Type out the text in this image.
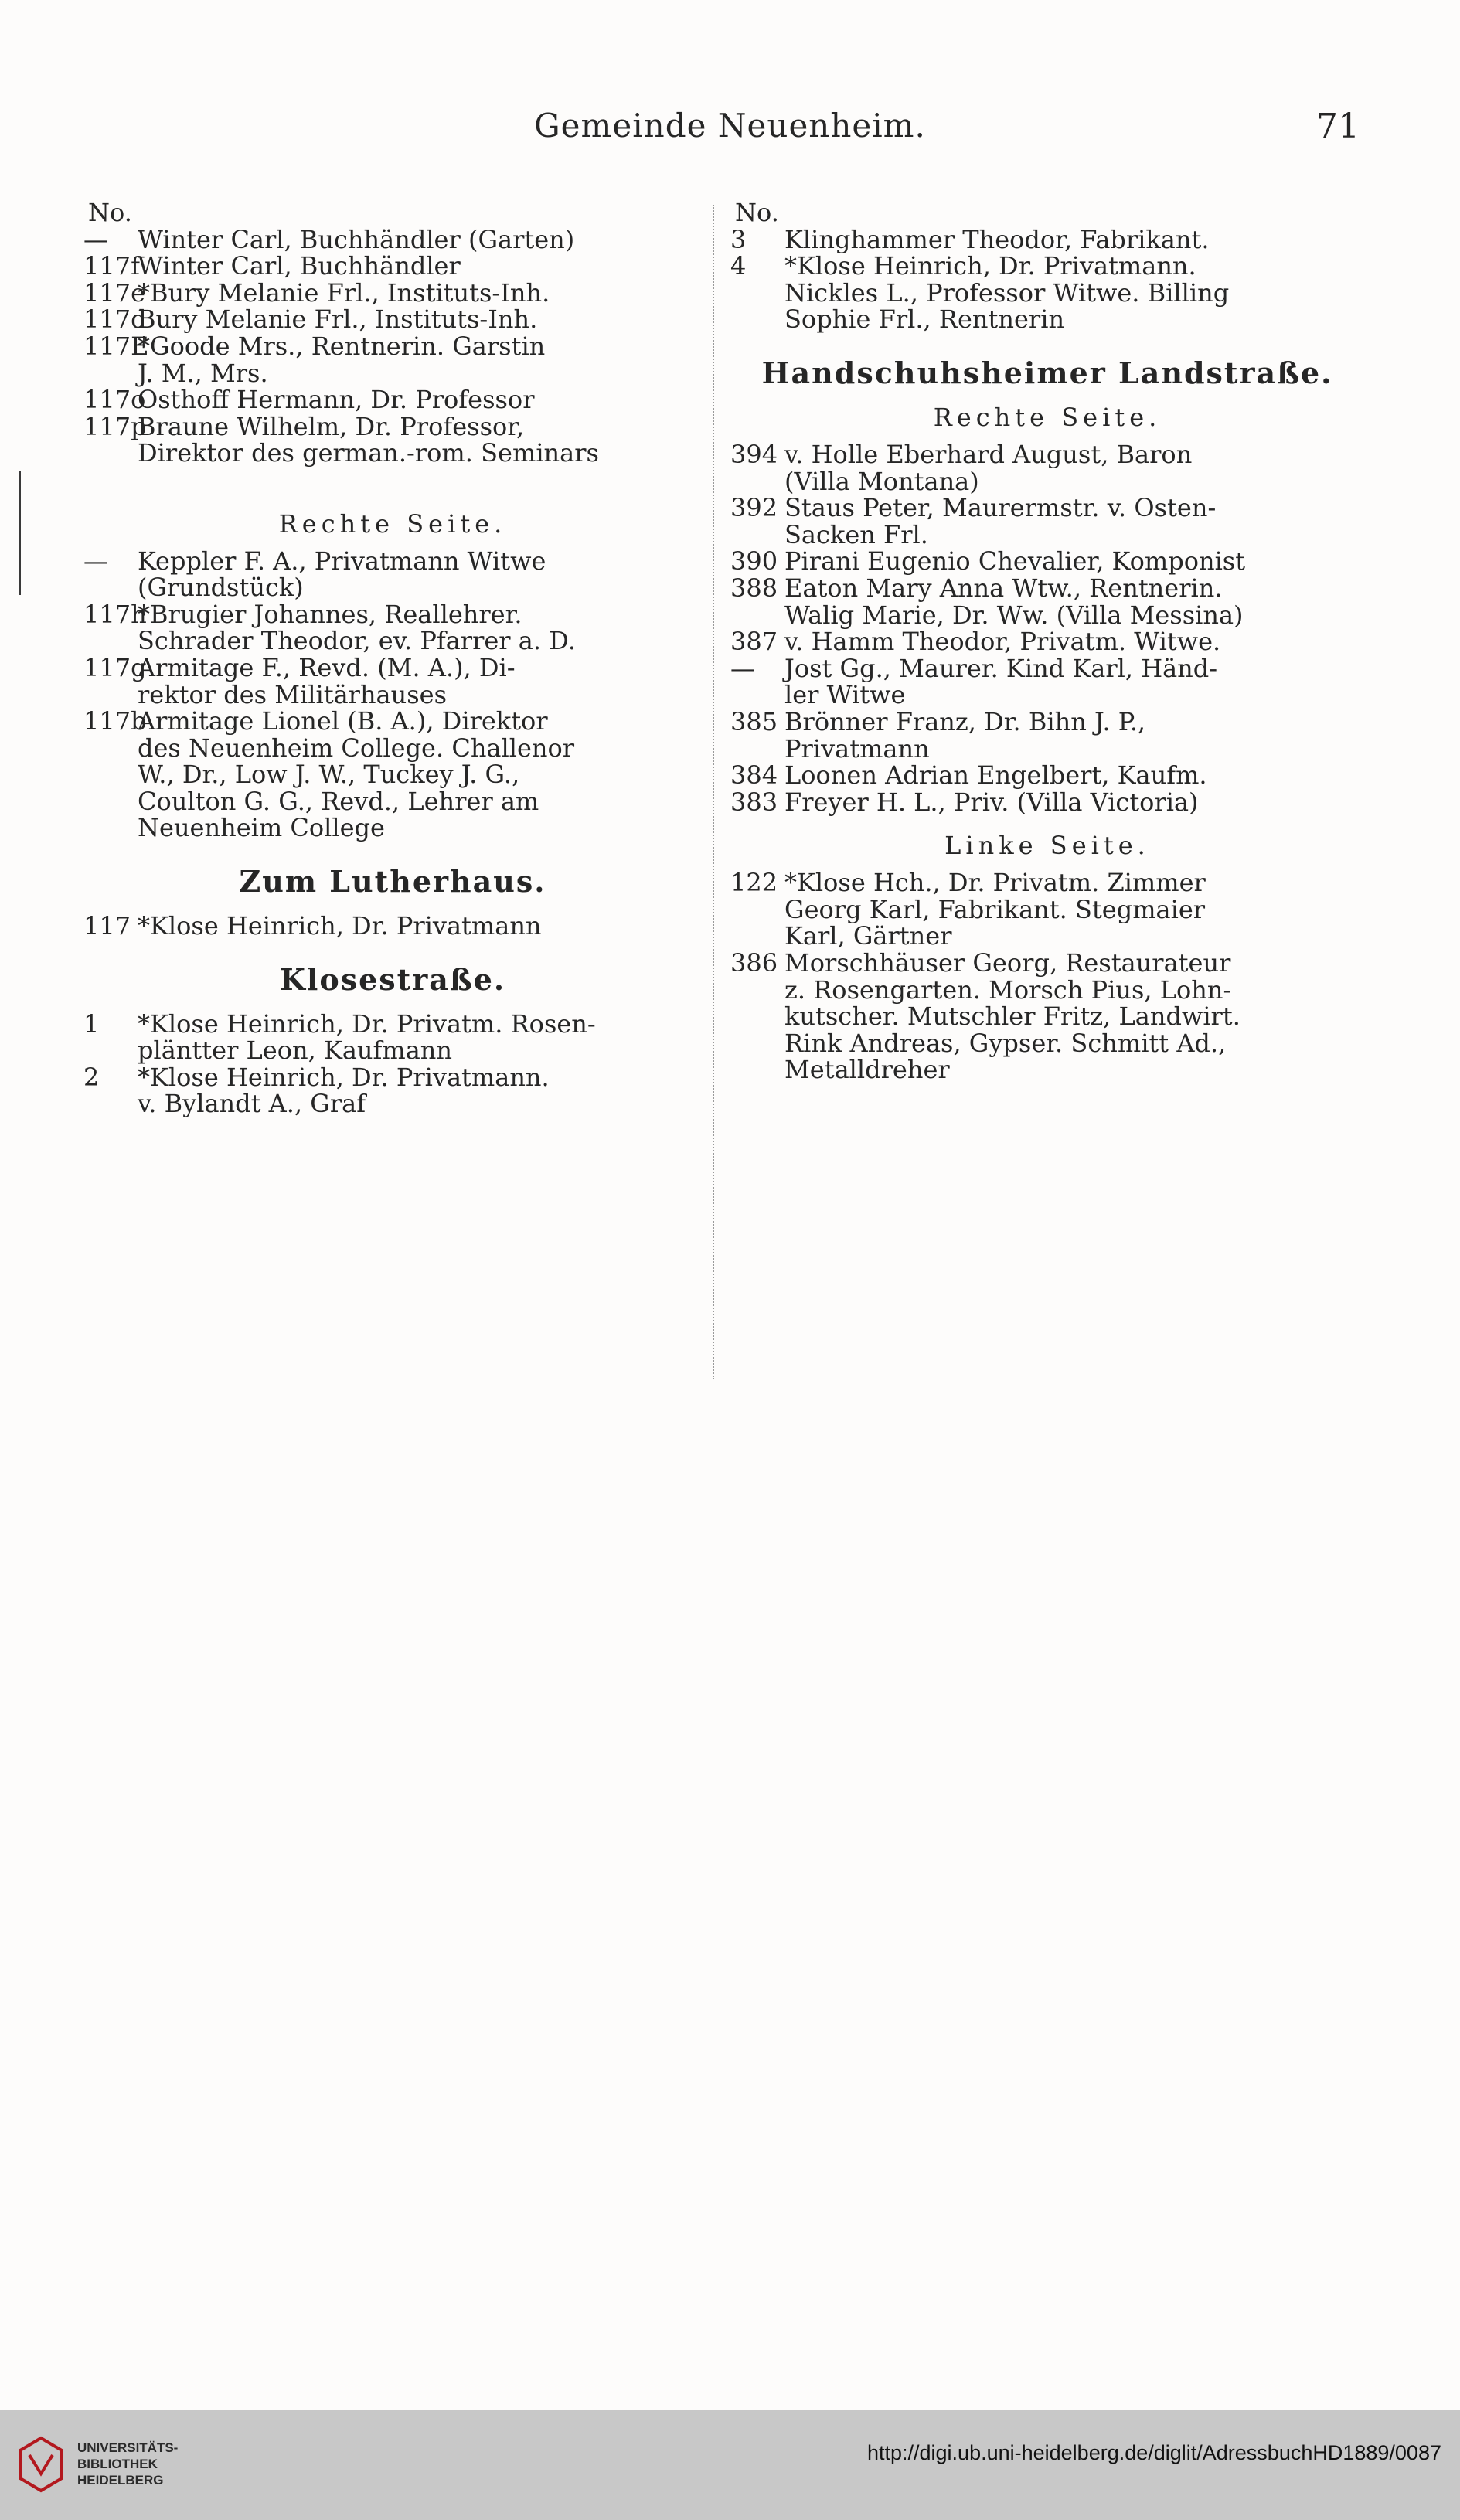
Gemeinde Neuenheim.	71
No.
— Winter Carl, Buchhändler (Garten)
117fWinter Carl, Buchhändler
117e*Bury Melanie Frl., Instituts-Inh.
117dBury Melanie Frl., Instituts-Inh.
117E*Goode Mrs., Rentnerin. Garstin
J. M., Mrs.
117oOsthoff Hermann, Dr. Professor
117pBraune Wilhelm, Dr. Professor,
Direktor des german.-rom. Seminars
Rechte Seite.
— Keppler F. A., Privatmann Witwe
(Grundstück)
117h*Brugier Johannes, Reallehrer.
Schrader Theodor, ev. Pfarrer a. D.
117gArmitage F., Revd. (M. A.), Di-
rektor des Militärhauses
117bArmitage Lionel (B. A.), Direktor
des Neuenheim College. Challenor
W., Dr., Low J. W., Tuckey J. G.,
Coulton G. G., Revd., Lehrer am
Neuenheim College
Zum Lutherhaus.
117 *Klose Heinrich, Dr. Privatmann
Klosestraße.
1 *Klose Heinrich, Dr. Privatm. Rosen-
pläntter Leon, Kaufmann
2 *Klose Heinrich, Dr. Privatmann.
v. Bylandt A., Graf
No.
3 Klinghammer Theodor, Fabrikant.
4 *Klose Heinrich, Dr. Privatmann.
Nickles L., Professor Witwe. Billing
Sophie Frl., Rentnerin
Handschuhsheimer Landstraße.
Rechte Seite.
394 v. Holle Eberhard August, Baron
(Villa Montana)
392 Staus Peter, Maurermstr. v. Osten-
Sacken Frl.
390 Pirani Eugenio Chevalier, Komponist
388 Eaton Mary Anna Wtw., Rentnerin.
Walig Marie, Dr. Ww. (Villa Messina)
387 v. Hamm Theodor, Privatm. Witwe.
— Jost Gg., Maurer. Kind Karl, Händ-
ler Witwe
385 Brönner Franz, Dr. Bihn J. P.,
Privatmann
384 Loonen Adrian Engelbert, Kaufm.
383 Freyer H. L., Priv. (Villa Victoria)
Linke Seite.
122 *Klose Hch., Dr. Privatm. Zimmer
Georg Karl, Fabrikant. Stegmaier
Karl, Gärtner
386 Morschhäuser Georg, Restaurateur
z. Rosengarten. Morsch Pius, Lohn-
kutscher. Mutschler Fritz, Landwirt.
Rink Andreas, Gypser. Schmitt Ad.,
Metalldreher
UNIVERSITÄTS-
BIBLIOTHEK
HEIDELBERG
http://digi.ub.uni-heidelberg.de/diglit/AdressbuchHD1889/0087
